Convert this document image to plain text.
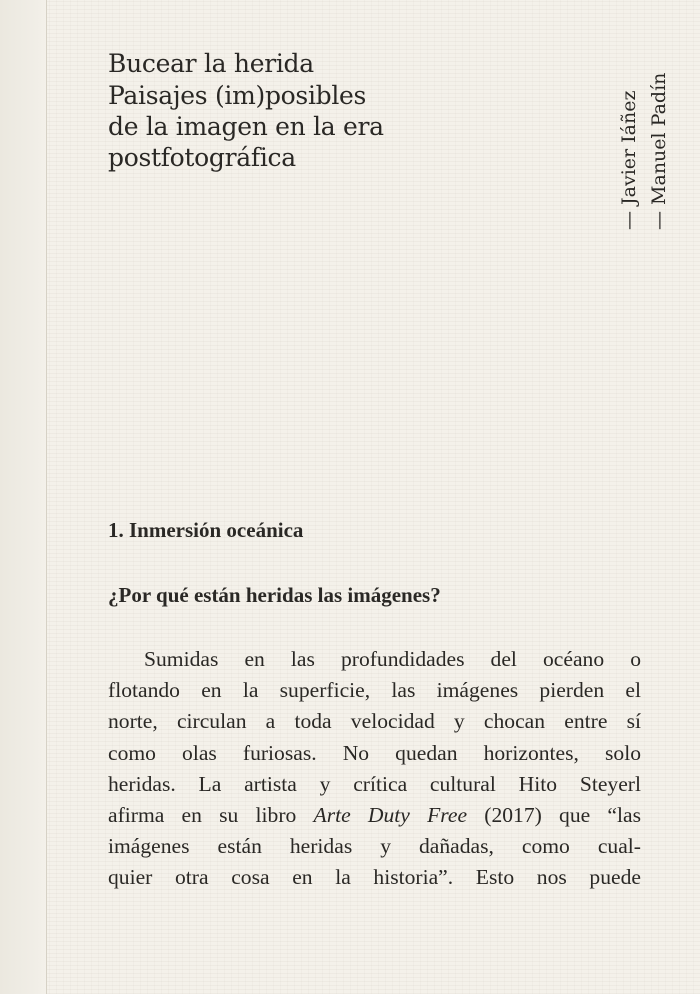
Bucear la herida
Paisajes (im)posibles
de la imagen en la era
postfotográfica	— Javier Iáñez — Manuel Padín
1. Inmersión oceánica
¿Por qué están heridas las imágenes?
Sumidas en las profundidades del océano o
flotando en la superficie, las imágenes pierden el
norte, circulan a toda velocidad y chocan entre sí
como olas furiosas. No quedan horizontes, solo
heridas. La artista y crítica cultural Hito Steyerl
afirma en su libro Arte Duty Free (2017) que “las
imágenes están heridas y dañadas, como cual-
quier otra cosa en la historia”. Esto nos puede
